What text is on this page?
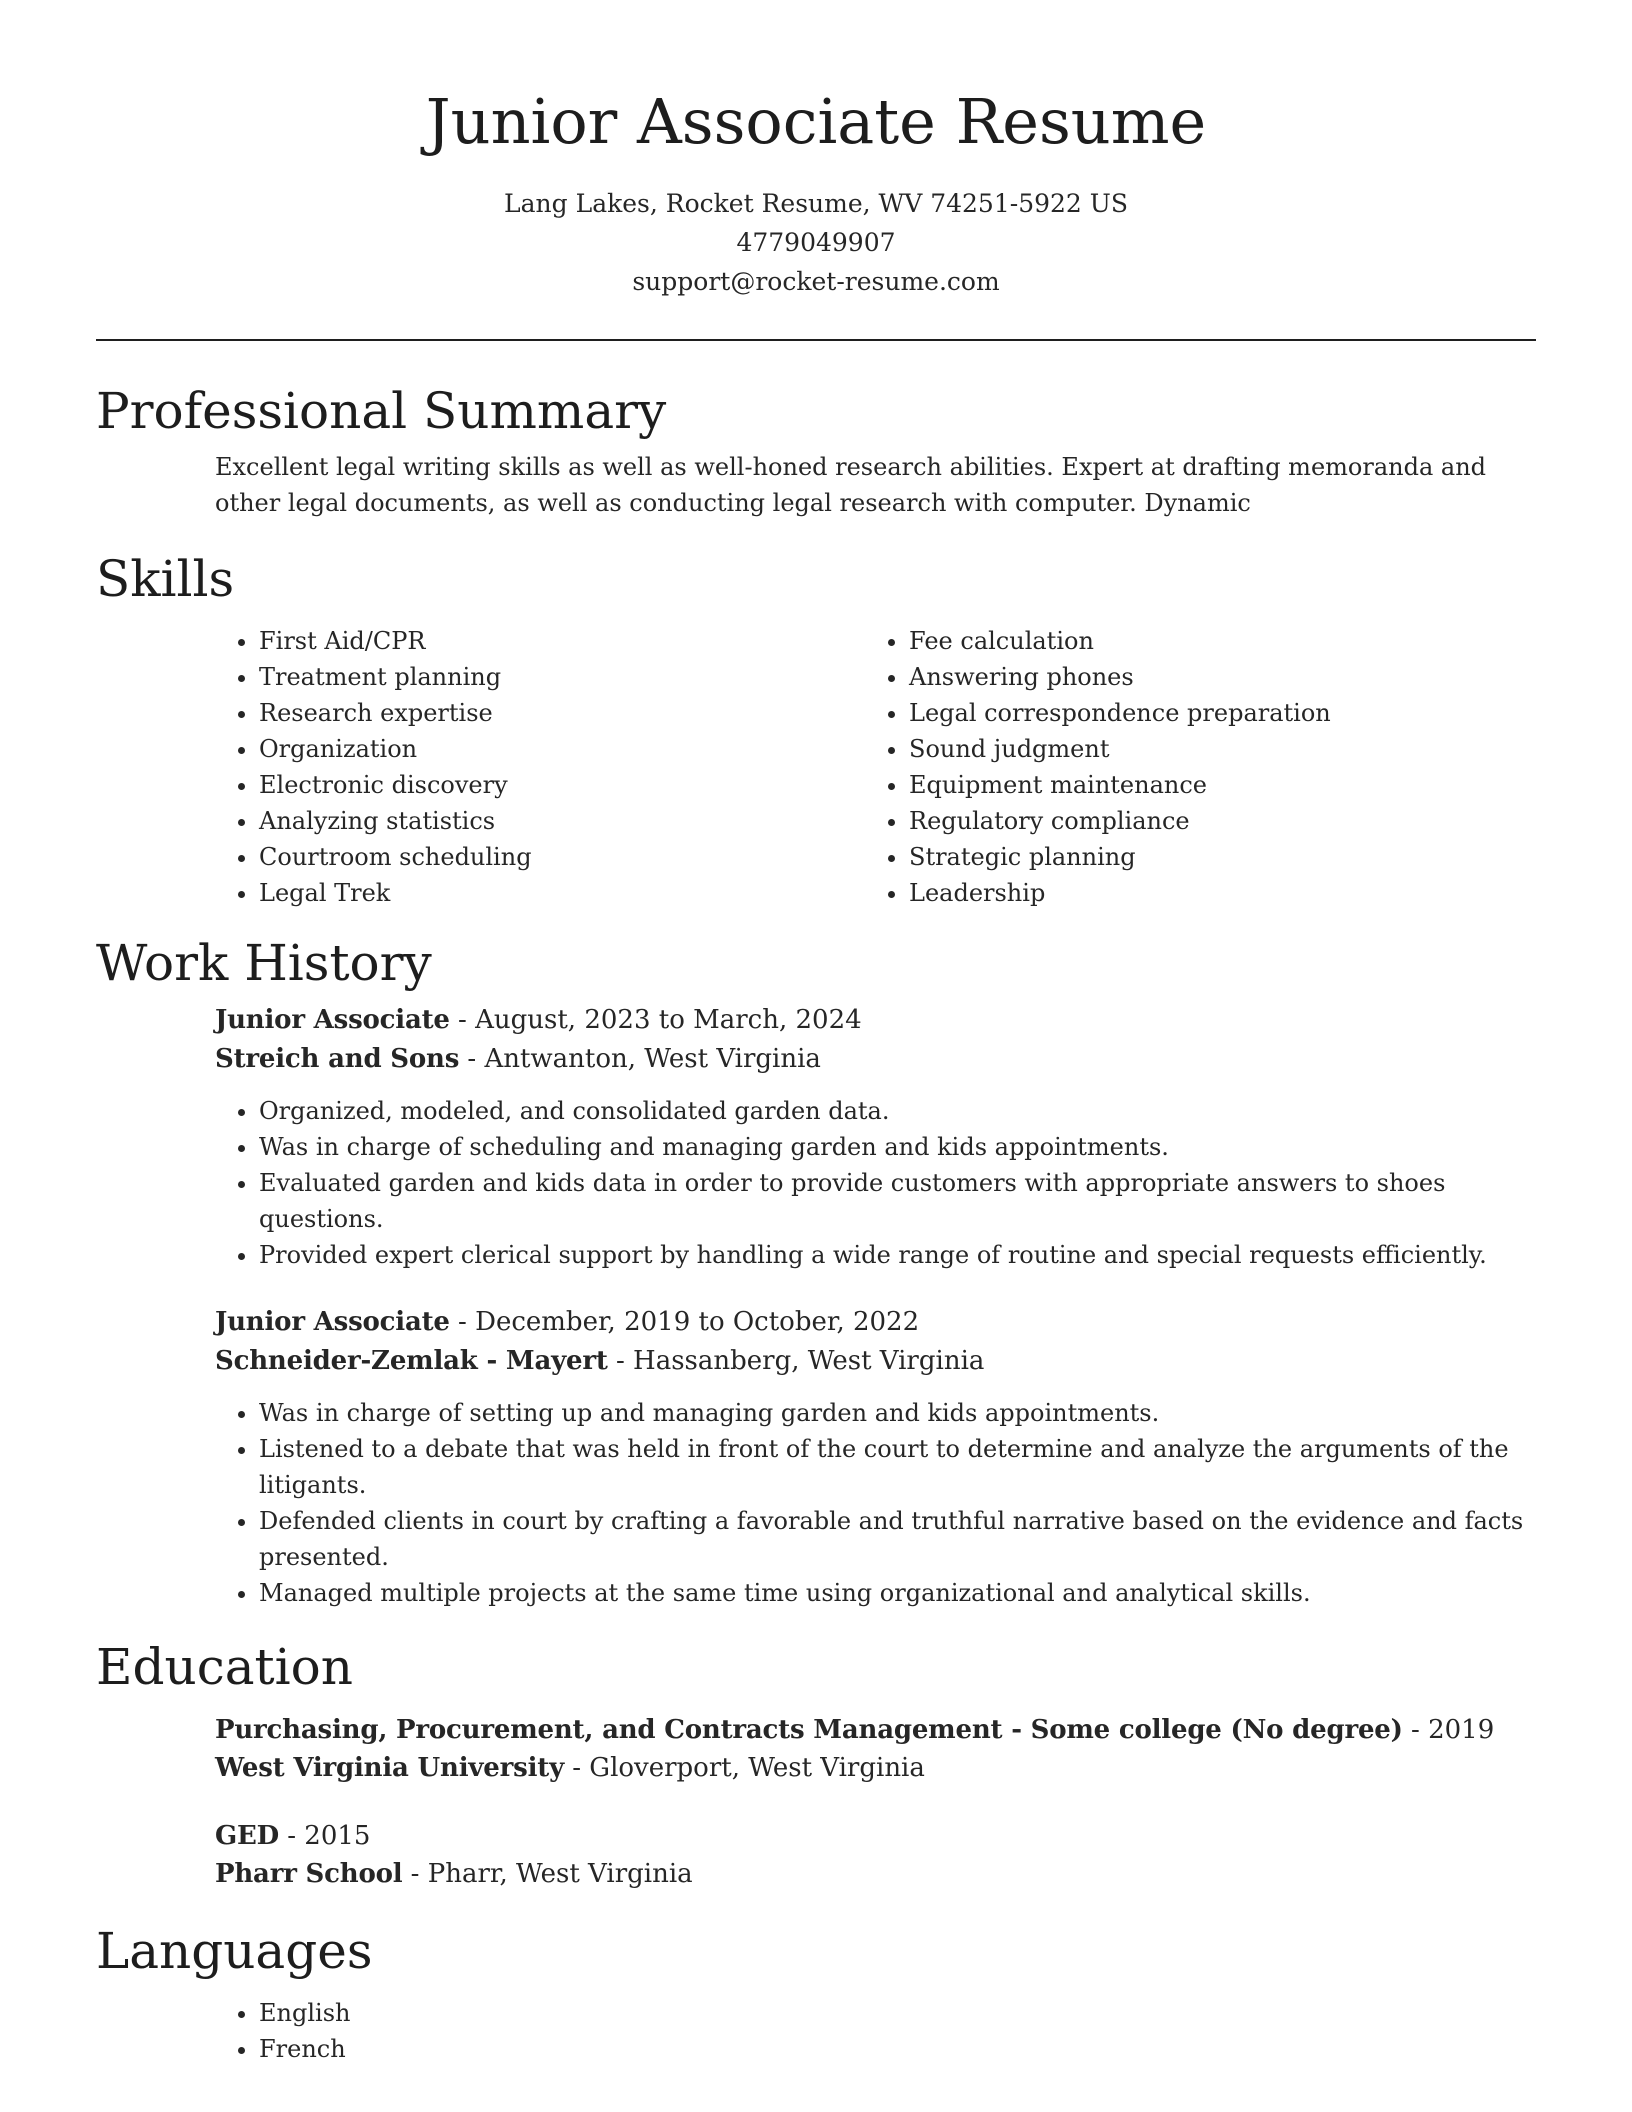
Junior Associate Resume
Lang Lakes, Rocket Resume, WV 74251-5922 US
4779049907
support@rocket-resume.com
Professional Summary

Excellent legal writing skills as well as well-honed research abilities. Expert at drafting memoranda and other legal documents, as well as conducting legal research with computer. Dynamic

Skills
• First Aid/CPR
• Treatment planning
• Research expertise
• Organization
• Electronic discovery
• Analyzing statistics
• Courtroom scheduling
• Legal Trek
• Fee calculation
• Answering phones
• Legal correspondence preparation
• Sound judgment
• Equipment maintenance
• Regulatory compliance
• Strategic planning
• Leadership
Work History
Junior Associate - August, 2023 to March, 2024
Streich and Sons - Antwanton, West Virginia
• Organized, modeled, and consolidated garden data.
• Was in charge of scheduling and managing garden and kids appointments.
• Evaluated garden and kids data in order to provide customers with appropriate answers to shoes questions.
• Provided expert clerical support by handling a wide range of routine and special requests efficiently.
Junior Associate - December, 2019 to October, 2022
Schneider-Zemlak - Mayert - Hassanberg, West Virginia
• Was in charge of setting up and managing garden and kids appointments.
• Listened to a debate that was held in front of the court to determine and analyze the arguments of the litigants.
• Defended clients in court by crafting a favorable and truthful narrative based on the evidence and facts presented.
• Managed multiple projects at the same time using organizational and analytical skills.
Education
Purchasing, Procurement, and Contracts Management - Some college (No degree) - 2019
West Virginia University - Gloverport, West Virginia
GED - 2015
Pharr School - Pharr, West Virginia
Languages
• English
• French
